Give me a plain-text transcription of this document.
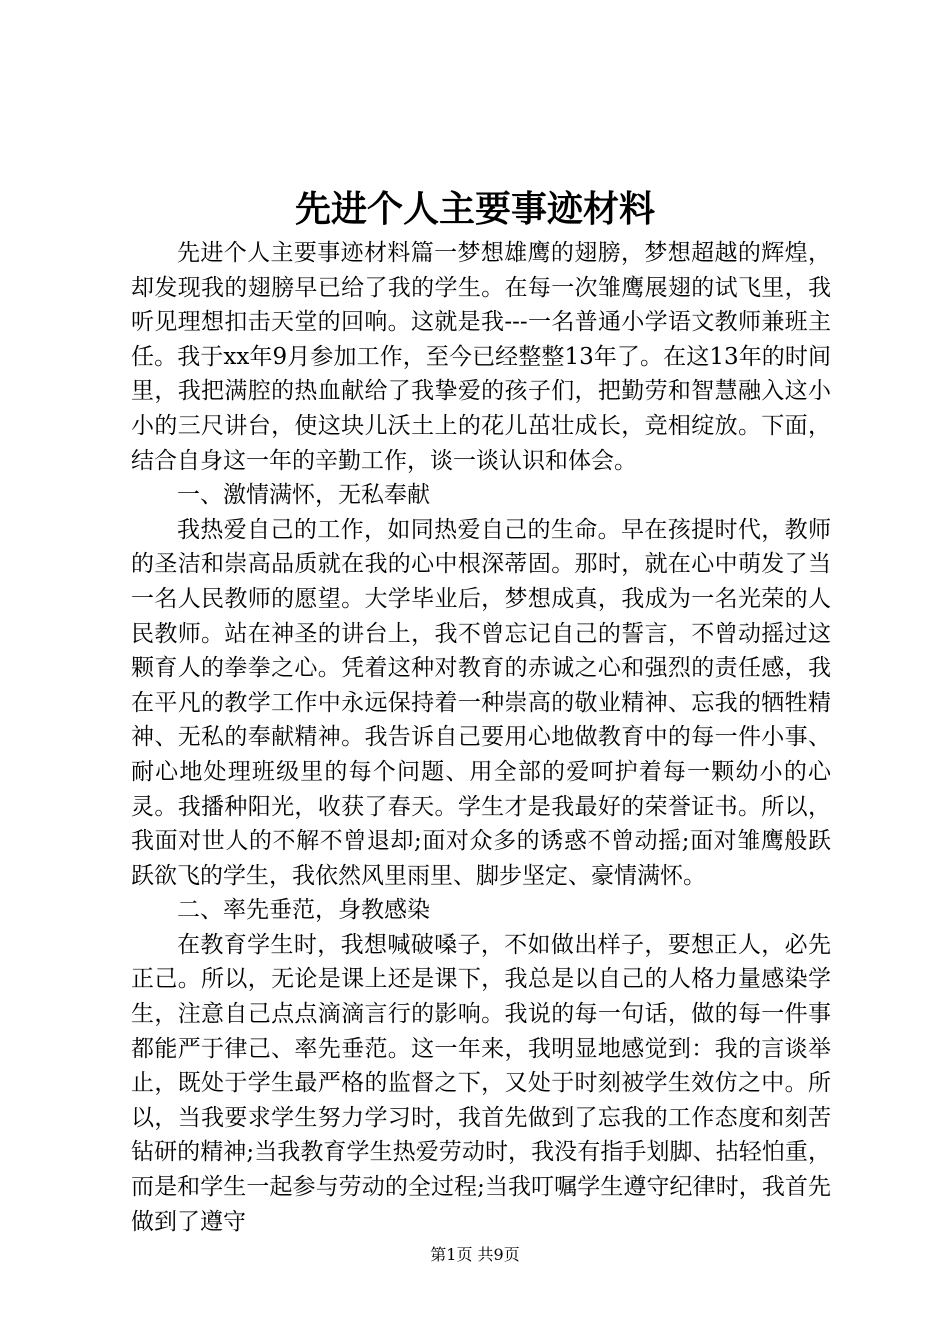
先进个人主要事迹材料

先进个人主要事迹材料篇一梦想雄鹰的翅膀，梦想超越的辉煌，却发现我的翅膀早已给了我的学生。在每一次雏鹰展翅的试飞里，我听见理想扣击天堂的回响。这就是我---一名普通小学语文教师兼班主任。我于xx年9月参加工作，至今已经整整13年了。在这13年的时间里，我把满腔的热血献给了我挚爱的孩子们，把勤劳和智慧融入这小小的三尺讲台，使这块儿沃土上的花儿茁壮成长，竞相绽放。下面，结合自身这一年的辛勤工作，谈一谈认识和体会。

一、激情满怀，无私奉献

我热爱自己的工作，如同热爱自己的生命。早在孩提时代，教师的圣洁和崇高品质就在我的心中根深蒂固。那时，就在心中萌发了当一名人民教师的愿望。大学毕业后，梦想成真，我成为一名光荣的人民教师。站在神圣的讲台上，我不曾忘记自己的誓言，不曾动摇过这颗育人的拳拳之心。凭着这种对教育的赤诚之心和强烈的责任感，我在平凡的教学工作中永远保持着一种崇高的敬业精神、忘我的牺牲精神、无私的奉献精神。我告诉自己要用心地做教育中的每一件小事、耐心地处理班级里的每个问题、用全部的爱呵护着每一颗幼小的心灵。我播种阳光，收获了春天。学生才是我最好的荣誉证书。所以，我面对世人的不解不曾退却;面对众多的诱惑不曾动摇;面对雏鹰般跃跃欲飞的学生，我依然风里雨里、脚步坚定、豪情满怀。

二、率先垂范，身教感染

在教育学生时，我想喊破嗓子，不如做出样子，要想正人，必先正己。所以，无论是课上还是课下，我总是以自己的人格力量感染学生，注意自己点点滴滴言行的影响。我说的每一句话，做的每一件事都能严于律己、率先垂范。这一年来，我明显地感觉到：我的言谈举止，既处于学生最严格的监督之下，又处于时刻被学生效仿之中。所以，当我要求学生努力学习时，我首先做到了忘我的工作态度和刻苦钻研的精神;当我教育学生热爱劳动时，我没有指手划脚、拈轻怕重，而是和学生一起参与劳动的全过程;当我叮嘱学生遵守纪律时，我首先做到了遵守

第1页 共9页
